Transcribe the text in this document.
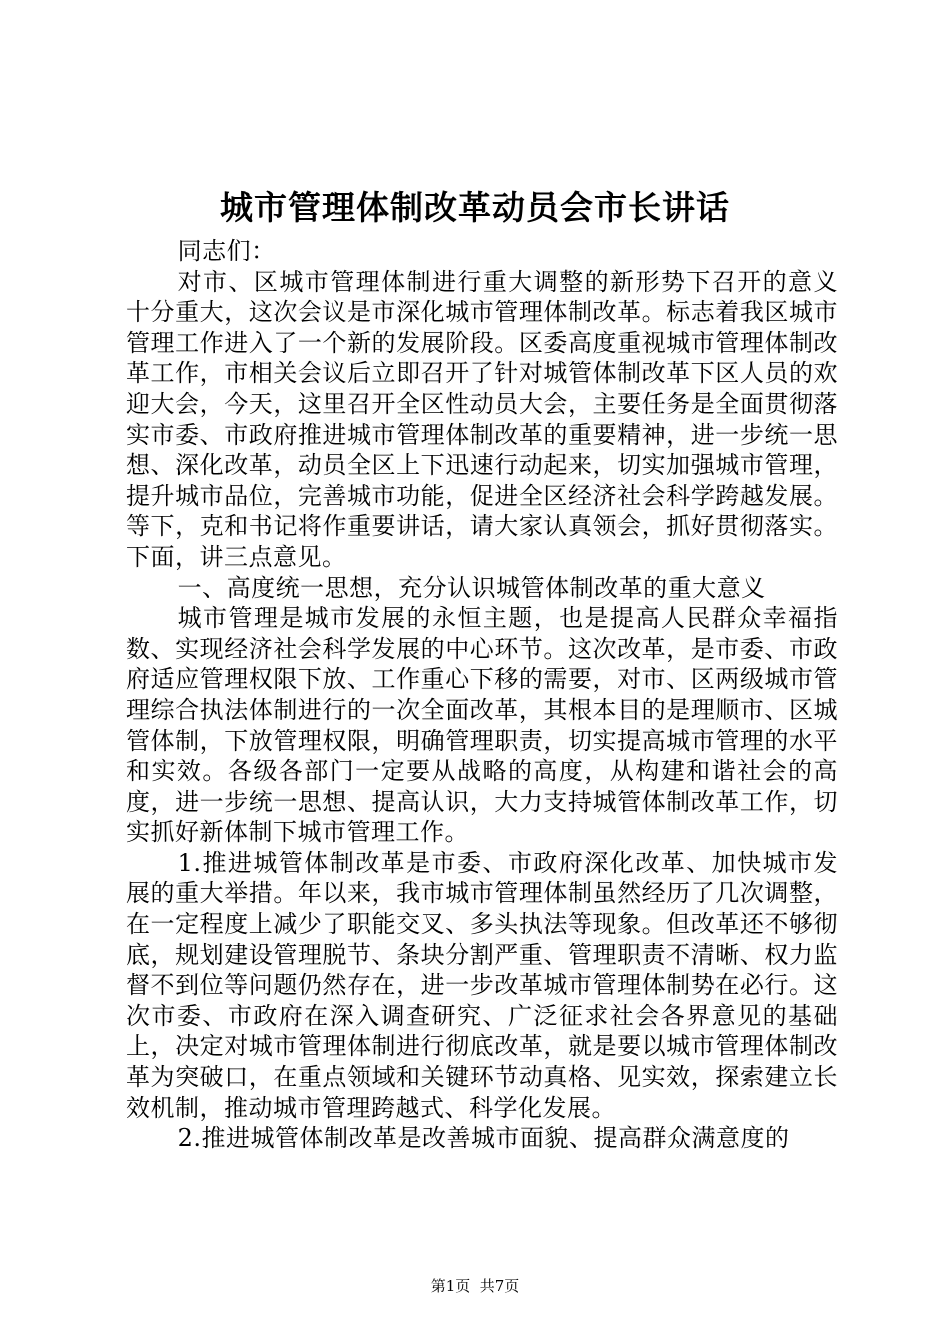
城市管理体制改革动员会市长讲话

同志们：

对市、区城市管理体制进行重大调整的新形势下召开的意义十分重大，这次会议是市深化城市管理体制改革。标志着我区城市管理工作进入了一个新的发展阶段。区委高度重视城市管理体制改革工作，市相关会议后立即召开了针对城管体制改革下区人员的欢迎大会，今天，这里召开全区性动员大会，主要任务是全面贯彻落实市委、市政府推进城市管理体制改革的重要精神，进一步统一思想、深化改革，动员全区上下迅速行动起来，切实加强城市管理，提升城市品位，完善城市功能，促进全区经济社会科学跨越发展。等下，克和书记将作重要讲话，请大家认真领会，抓好贯彻落实。下面，讲三点意见。

一、高度统一思想，充分认识城管体制改革的重大意义

城市管理是城市发展的永恒主题，也是提高人民群众幸福指数、实现经济社会科学发展的中心环节。这次改革，是市委、市政府适应管理权限下放、工作重心下移的需要，对市、区两级城市管理综合执法体制进行的一次全面改革，其根本目的是理顺市、区城管体制，下放管理权限，明确管理职责，切实提高城市管理的水平和实效。各级各部门一定要从战略的高度，从构建和谐社会的高度，进一步统一思想、提高认识，大力支持城管体制改革工作，切实抓好新体制下城市管理工作。

1.推进城管体制改革是市委、市政府深化改革、加快城市发展的重大举措。年以来，我市城市管理体制虽然经历了几次调整，在一定程度上减少了职能交叉、多头执法等现象。但改革还不够彻底，规划建设管理脱节、条块分割严重、管理职责不清晰、权力监督不到位等问题仍然存在，进一步改革城市管理体制势在必行。这次市委、市政府在深入调查研究、广泛征求社会各界意见的基础上，决定对城市管理体制进行彻底改革，就是要以城市管理体制改革为突破口，在重点领域和关键环节动真格、见实效，探索建立长效机制，推动城市管理跨越式、科学化发展。

2.推进城管体制改革是改善城市面貌、提高群众满意度的

第1页  共7页
